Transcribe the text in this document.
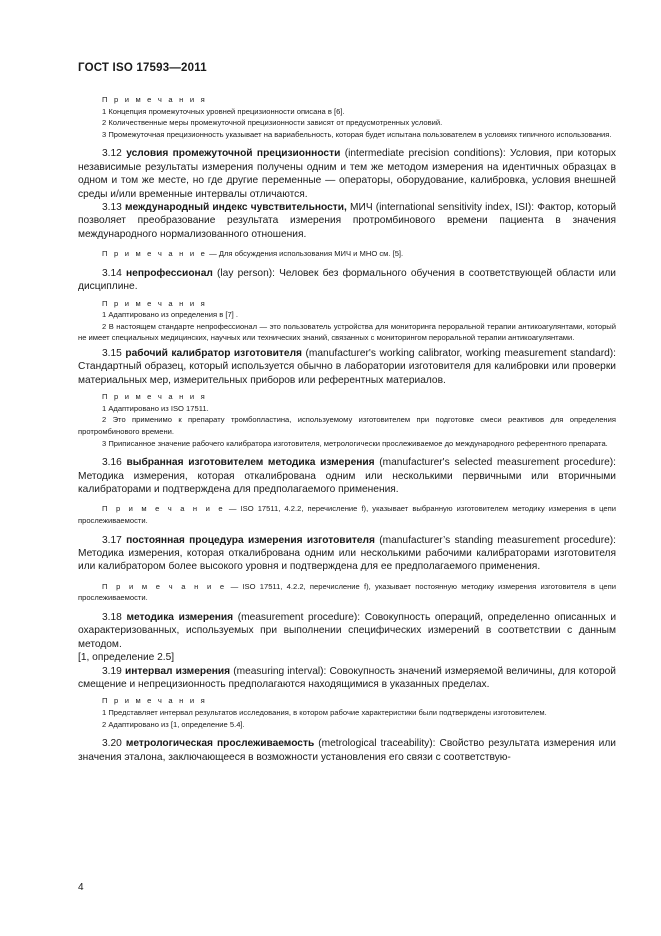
ГОСТ ISO 17593—2011
П р и м е ч а н и я
1 Концепция промежуточных уровней прецизионности описана в [6].
2 Количественные меры промежуточной прецизионности зависят от предусмотренных условий.
3 Промежуточная прецизионность указывает на вариабельность, которая будет испытана пользователем в условиях типичного использования.

3.12 условия промежуточной прецизионности (intermediate precision conditions): Условия, при которых независимые результаты измерения получены одним и тем же методом измерения на идентичных образцах в одном и том же месте, но где другие переменные — операторы, оборудование, калибровка, условия внешней среды и/или временные интервалы отличаются.

3.13 международный индекс чувствительности, МИЧ (international sensitivity index, ISI): Фактор, который позволяет преобразование результата измерения протромбинового времени пациента в значения международного нормализованного отношения.

П р и м е ч а н и е — Для обсуждения использования МИЧ и МНО см. [5].

3.14 непрофессионал (lay person): Человек без формального обучения в соответствующей области или дисциплине.

П р и м е ч а н и я
1 Адаптировано из определения в [7] .
2 В настоящем стандарте непрофессионал — это пользователь устройства для мониторинга перорaльной терапии антикоагулянтами, который не имеет специальных медицинских, научных или технических знаний, связанных с мониторингом пероральной терапии антикоагулянтами.

3.15 рабочий калибратор изготовителя (manufacturer's working calibrator, working measurement standard): Стандартный образец, который используется обычно в лаборатории изготовителя для калибровки или проверки материальных мер, измерительных приборов или референтных материалов.

П р и м е ч а н и я
1 Адаптировано из ISO 17511.
2 Это применимо к препарату тромбопластина, используемому изготовителем при подготовке смеси реактивов для определения протромбинового времени.
3 Приписанное значение рабочего калибратора изготовителя, метрологически прослеживаемое до международного референтного препарата.

3.16 выбранная изготовителем методика измерения (manufacturer's selected measurement procedure): Методика измерения, которая откалибрована одним или несколькими первичными или вторичными калибраторами и подтверждена для предполагаемого применения.

П р и м е ч а н и е — ISO 17511, 4.2.2, перечисление f), указывает выбранную изготовителем методику измерения в цепи прослеживаемости.

3.17 постоянная процедура измерения изготовителя (manufacturer’s standing measurement procedure): Методика измерения, которая откалибрована одним или несколькими рабочими калибраторами изготовителя или калибратором более высокого уровня и подтверждена для ее предполагаемого применения.

П р и м е ч а н и е — ISO 17511, 4.2.2, перечисление f), указывает постоянную методику измерения изготовителя в цепи прослеживаемости.

3.18 методика измерения (measurement procedure): Совокупность операций, определенно описанных и охарактеризованных, используемых при выполнении специфических измерений в соответствии с данным методом.

[1, определение 2.5]

3.19 интервал измерения (measuring interval): Совокупность значений измеряемой величины, для которой смещение и непрецизионность предполагаются находящимися в указанных пределах.

П р и м е ч а н и я
1 Представляет интервал результатов исследования, в котором рабочие характеристики были подтверждены изготовителем.
2 Адаптировано из [1, определение 5.4].

3.20 метрологическая прослеживаемость (metrological traceability): Свойство результата измерения или значения эталона, заключающееся в возможности установления его связи с соответствую-

4
